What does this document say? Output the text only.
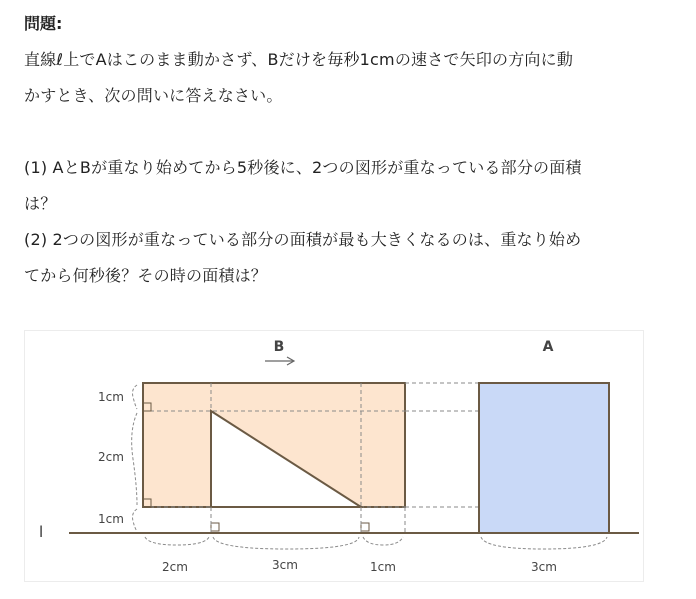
問題:

直線ℓ上でAはこのまま動かさず、Bだけを毎秒1cmの速さで矢印の方向に動

かすとき、次の問いに答えなさい。

(1) AとBが重なり始めてから5秒後に、2つの図形が重なっている部分の面積

は？

(2) 2つの図形が重なっている部分の面積が最も大きくなるのは、重なり始め

てから何秒後？その時の面積は？

l
B	A
1cm
2cm
1cm
2cm	3cm	1cm	3cm
